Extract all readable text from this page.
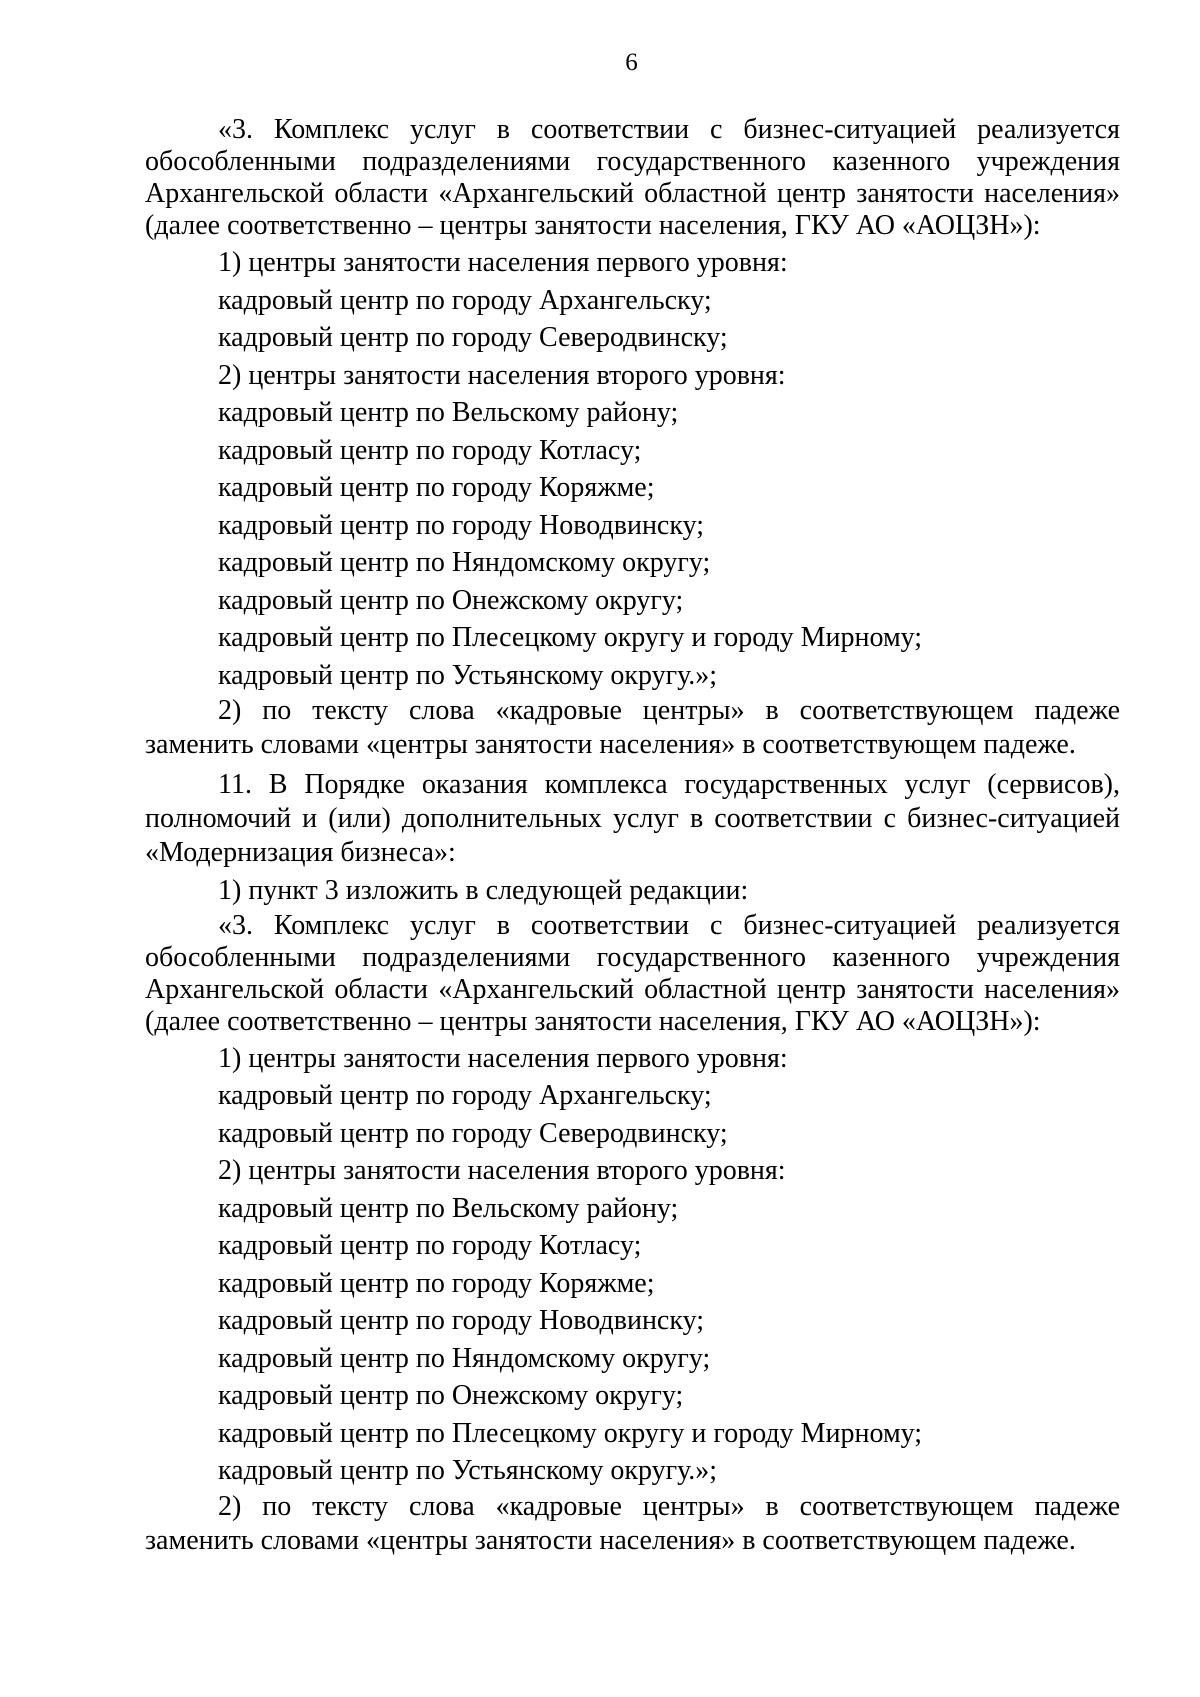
6

«3. Комплекс услуг в соответствии с бизнес-ситуацией реализуется обособленными подразделениями государственного казенного учреждения Архангельской области «Архангельский областной центр занятости населения» (далее соответственно – центры занятости населения, ГКУ АО «АОЦЗН»):

1) центры занятости населения первого уровня:
кадровый центр по городу Архангельску;
кадровый центр по городу Северодвинску;
2) центры занятости населения второго уровня:
кадровый центр по Вельскому району;
кадровый центр по городу Котласу;
кадровый центр по городу Коряжме;
кадровый центр по городу Новодвинску;
кадровый центр по Няндомскому округу;
кадровый центр по Онежскому округу;
кадровый центр по Плесецкому округу и городу Мирному;
кадровый центр по Устьянскому округу.»;

2) по тексту слова «кадровые центры» в соответствующем падеже заменить словами «центры занятости населения» в соответствующем падеже.

11. В Порядке оказания комплекса государственных услуг (сервисов), полномочий и (или) дополнительных услуг в соответствии с бизнес-ситуацией «Модернизация бизнеса»:

1) пункт 3 изложить в следующей редакции:

«3. Комплекс услуг в соответствии с бизнес-ситуацией реализуется обособленными подразделениями государственного казенного учреждения Архангельской области «Архангельский областной центр занятости населения» (далее соответственно – центры занятости населения, ГКУ АО «АОЦЗН»):

1) центры занятости населения первого уровня:
кадровый центр по городу Архангельску;
кадровый центр по городу Северодвинску;
2) центры занятости населения второго уровня:
кадровый центр по Вельскому району;
кадровый центр по городу Котласу;
кадровый центр по городу Коряжме;
кадровый центр по городу Новодвинску;
кадровый центр по Няндомскому округу;
кадровый центр по Онежскому округу;
кадровый центр по Плесецкому округу и городу Мирному;
кадровый центр по Устьянскому округу.»;

2) по тексту слова «кадровые центры» в соответствующем падеже заменить словами «центры занятости населения» в соответствующем падеже.
